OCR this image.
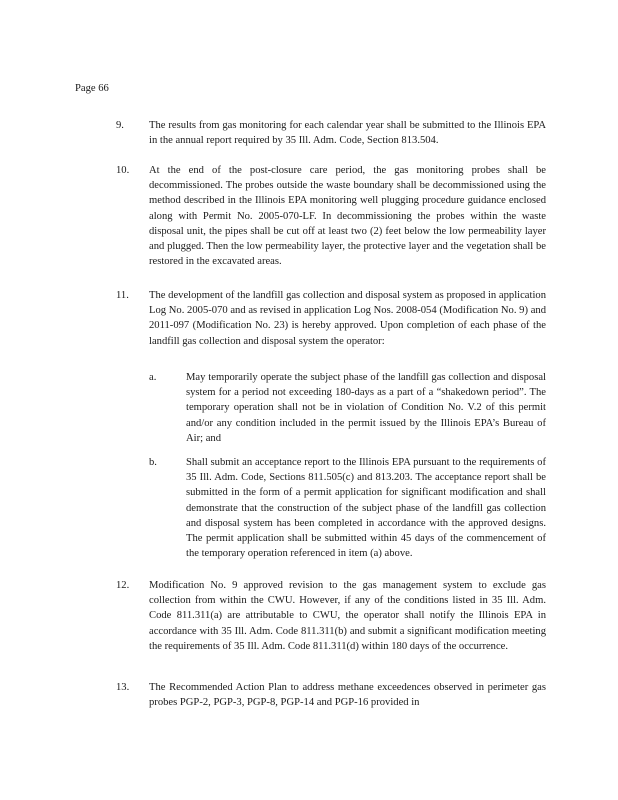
Page 66

9. The results from gas monitoring for each calendar year shall be submitted to the Illinois EPA in the annual report required by 35 Ill. Adm. Code, Section 813.504.

10. At the end of the post-closure care period, the gas monitoring probes shall be decommissioned. The probes outside the waste boundary shall be decommissioned using the method described in the Illinois EPA monitoring well plugging procedure guidance enclosed along with Permit No. 2005-070-LF. In decommissioning the probes within the waste disposal unit, the pipes shall be cut off at least two (2) feet below the low permeability layer and plugged. Then the low permeability layer, the protective layer and the vegetation shall be restored in the excavated areas.

11. The development of the landfill gas collection and disposal system as proposed in application Log No. 2005-070 and as revised in application Log Nos. 2008-054 (Modification No. 9) and 2011-097 (Modification No. 23) is hereby approved. Upon completion of each phase of the landfill gas collection and disposal system the operator:

a.	May temporarily operate the subject phase of the landfill gas collection and disposal system for a period not exceeding 180-days as a part of a “shakedown period”. The temporary operation shall not be in violation of Condition No. V.2 of this permit and/or any condition included in the permit issued by the Illinois EPA’s Bureau of Air; and

b.	Shall submit an acceptance report to the Illinois EPA pursuant to the requirements of 35 Ill. Adm. Code, Sections 811.505(c) and 813.203. The acceptance report shall be submitted in the form of a permit application for significant modification and shall demonstrate that the construction of the subject phase of the landfill gas collection and disposal system has been completed in accordance with the approved designs. The permit application shall be submitted within 45 days of the commencement of the temporary operation referenced in item (a) above.

12. Modification No. 9 approved revision to the gas management system to exclude gas collection from within the CWU. However, if any of the conditions listed in 35 Ill. Adm. Code 811.311(a) are attributable to CWU, the operator shall notify the Illinois EPA in accordance with 35 Ill. Adm. Code 811.311(b) and submit a significant modification meeting the requirements of 35 Ill. Adm. Code 811.311(d) within 180 days of the occurrence.

13. The Recommended Action Plan to address methane exceedences observed in perimeter gas probes PGP-2, PGP-3, PGP-8, PGP-14 and PGP-16 provided in
